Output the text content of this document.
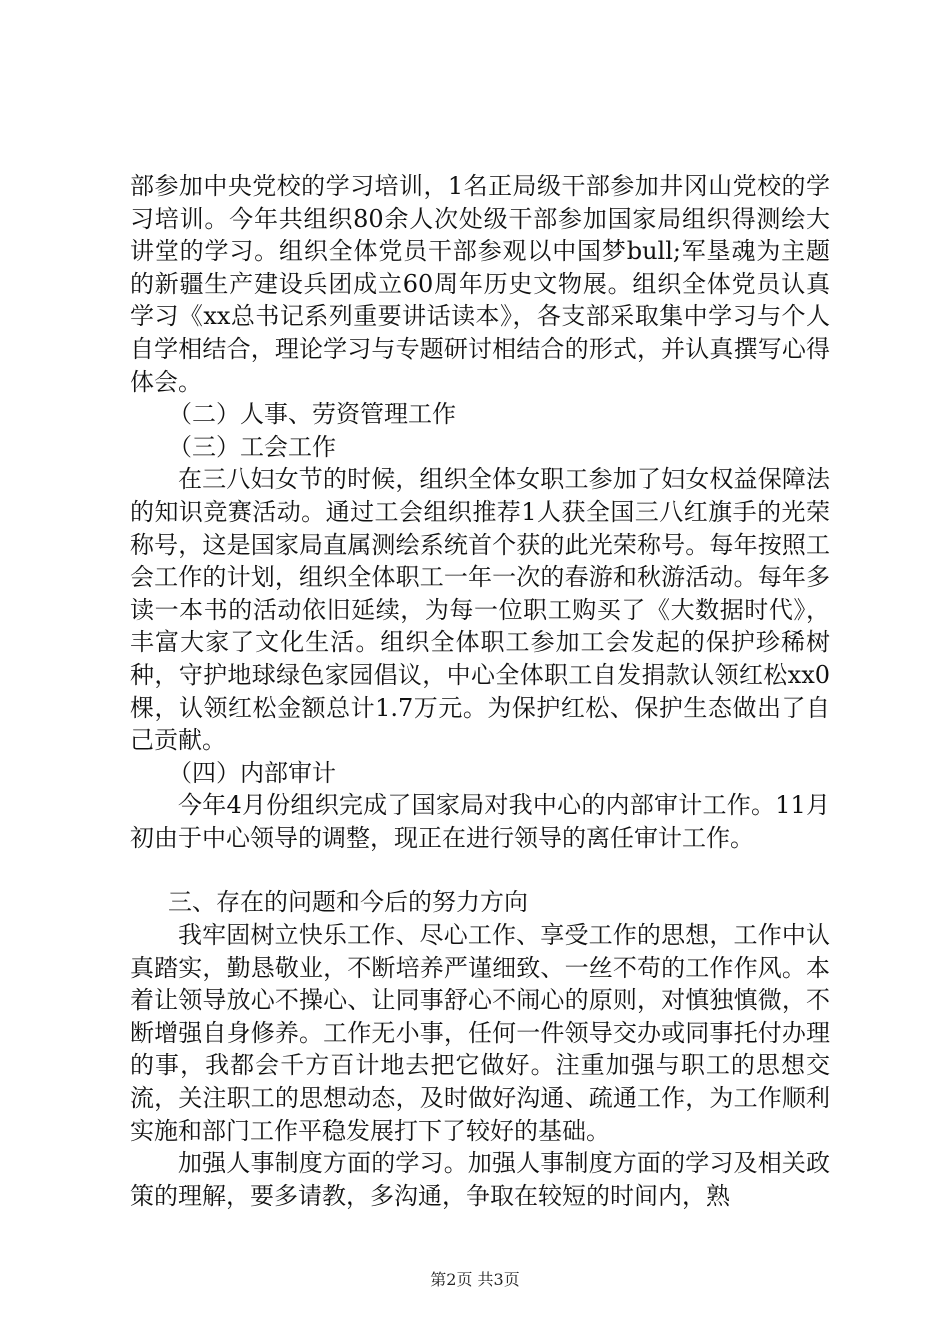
部参加中央党校的学习培训，1名正局级干部参加井冈山党校的学习培训。今年共组织80余人次处级干部参加国家局组织得测绘大讲堂的学习。组织全体党员干部参观以中国梦bull;军垦魂为主题的新疆生产建设兵团成立60周年历史文物展。组织全体党员认真学习《xx总书记系列重要讲话读本》，各支部采取集中学习与个人自学相结合，理论学习与专题研讨相结合的形式，并认真撰写心得体会。

（二）人事、劳资管理工作

（三）工会工作

在三八妇女节的时候，组织全体女职工参加了妇女权益保障法的知识竞赛活动。通过工会组织推荐1人获全国三八红旗手的光荣称号，这是国家局直属测绘系统首个获的此光荣称号。每年按照工会工作的计划，组织全体职工一年一次的春游和秋游活动。每年多读一本书的活动依旧延续，为每一位职工购买了《大数据时代》，丰富大家了文化生活。组织全体职工参加工会发起的保护珍稀树种，守护地球绿色家园倡议，中心全体职工自发捐款认领红松xx0棵，认领红松金额总计1.7万元。为保护红松、保护生态做出了自己贡献。

（四）内部审计

今年4月份组织完成了国家局对我中心的内部审计工作。11月初由于中心领导的调整，现正在进行领导的离任审计工作。

三、存在的问题和今后的努力方向

我牢固树立快乐工作、尽心工作、享受工作的思想，工作中认真踏实，勤恳敬业，不断培养严谨细致、一丝不苟的工作作风。本着让领导放心不操心、让同事舒心不闹心的原则，对慎独慎微，不断增强自身修养。工作无小事，任何一件领导交办或同事托付办理的事，我都会千方百计地去把它做好。注重加强与职工的思想交流，关注职工的思想动态，及时做好沟通、疏通工作，为工作顺利实施和部门工作平稳发展打下了较好的基础。

加强人事制度方面的学习。加强人事制度方面的学习及相关政策的理解，要多请教，多沟通，争取在较短的时间内，熟

第2页 共3页
